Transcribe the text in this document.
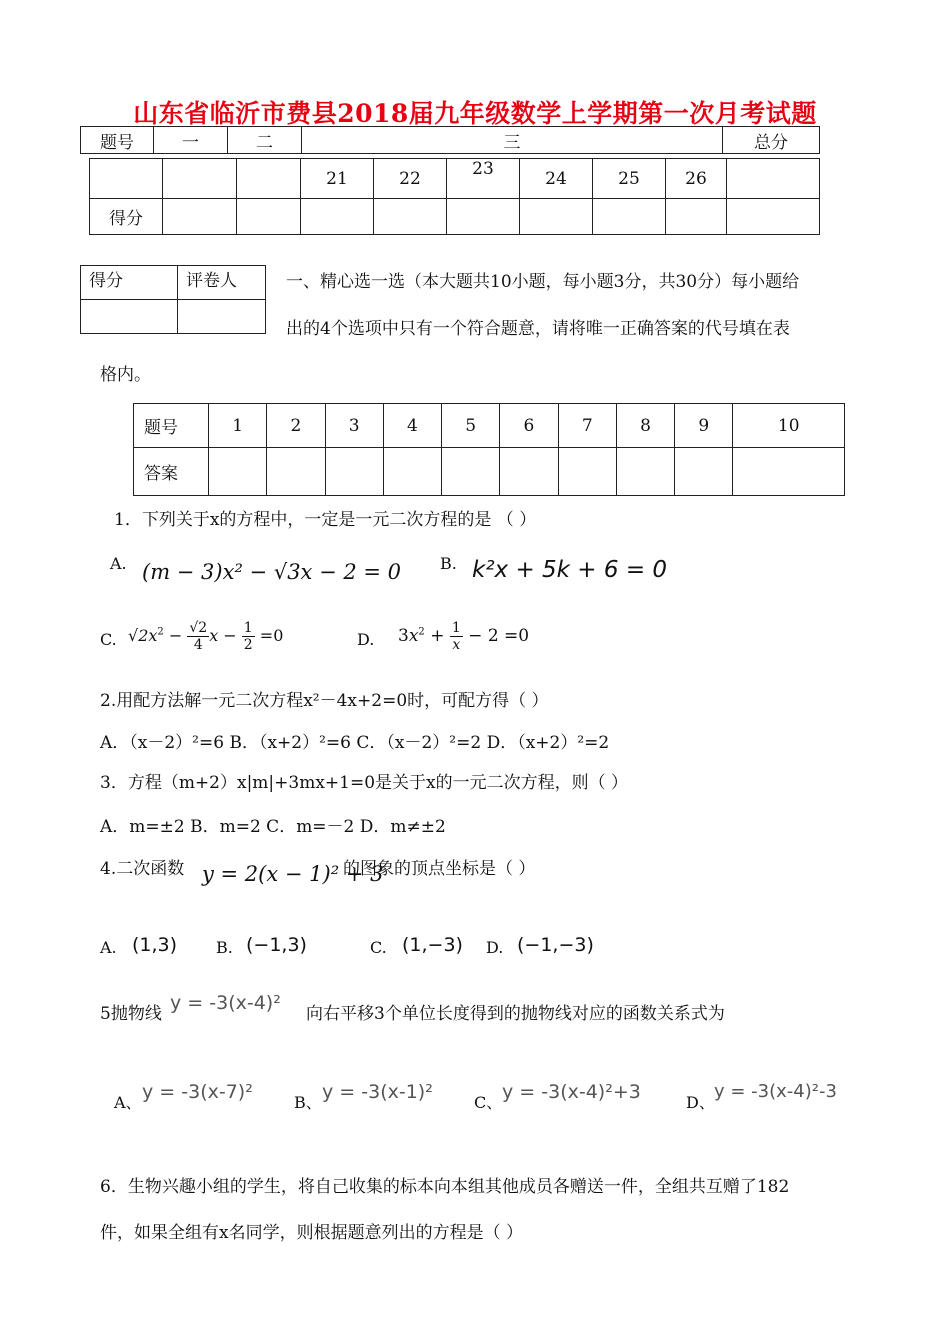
山东省临沂市费县2018届九年级数学上学期第一次月考试题
题号	一	二	三	总分
			21	22	23	24	25	26	
得分									
得分	评卷人
		一、精心选一选（本大题共10小题，每小题3分，共30分）每小题给
出的4个选项中只有一个符合题意，请将唯一正确答案的代号填在表
格内。
题号	1	2	3	4	5	6	7	8	9	10
答案										
1．下列关于x的方程中，一定是一元二次方程的是 （ ）
A. (m − 3)x² − √3x − 2 = 0 B. k²x + 5k + 6 = 0
C. $√2x^2 - \frac{√2}{4}$ $x - \frac{1}{2} =0$	D. $3x^2 + \frac{1}{x} - 2 =0$
2.用配方法解一元二次方程x²－4x+2=0时，可配方得（ ）
A．（x－2）²=6 B．（x+2）²=6 C．（x－2）²=2 D．（x+2）²=2
3．方程（m+2）x|m|+3mx+1=0是关于x的一元二次方程，则（ ）
A．m=±2 B．m=2 C．m=－2 D．m≠±2
4.二次函数 y = 2(x − 1)² + 3
的图象的顶点坐标是（ ）
A. (1,3) B. (−1,3)	C. (1,−3) D. (−1,−3)
5抛物线 y = -3(x-4)² 向右平移3个单位长度得到的抛物线对应的函数关系式为
A、 y = -3(x-7)²	B、 y = -3(x-1)²	C、 y = -3(x-4)²+3	D、
y = -3(x-4)²-3
6．生物兴趣小组的学生，将自己收集的标本向本组其他成员各赠送一件，全组共互赠了182
件，如果全组有x名同学，则根据题意列出的方程是（ ）
